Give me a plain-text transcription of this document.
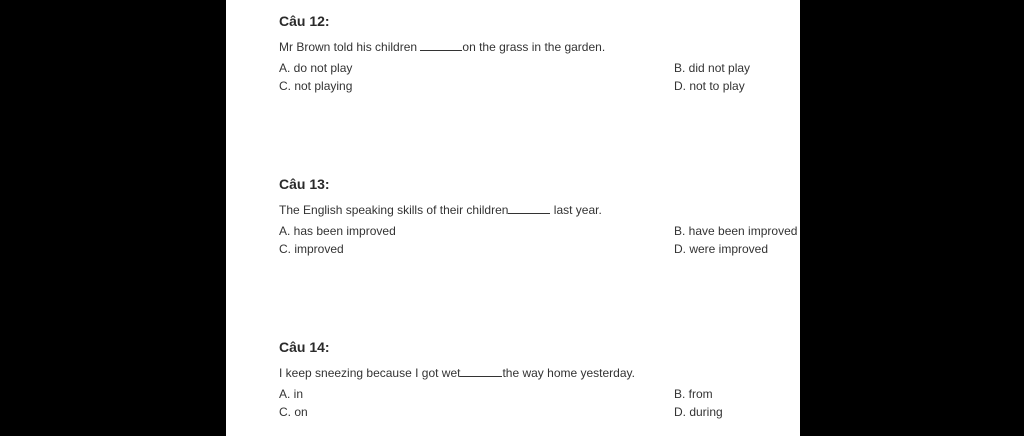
Câu 12:
Mr Brown told his children	on the grass in the garden.
A. do not play	B. did not play
C. not playing	D. not to play
Câu 13:
The English speaking skills of their children	last year.
A. has been improved	B. have been improved
C. improved	D. were improved
Câu 14:
I keep sneezing because I got wet	the way home yesterday.
A. in	B. from
C. on	D. during
